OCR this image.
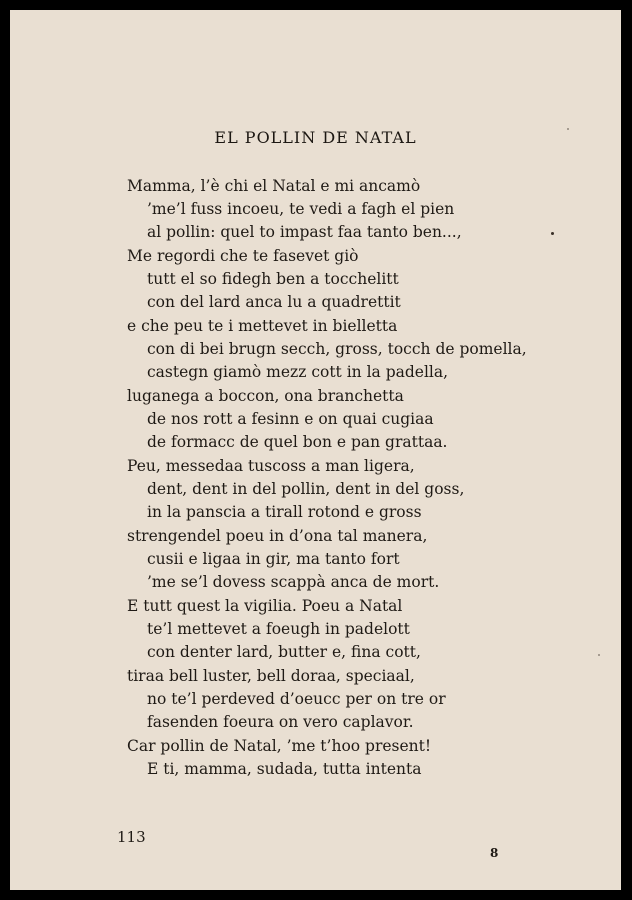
EL POLLIN DE NATAL
Mamma, l’è chi el Natal e mi ancamò
’me’l fuss incoeu, te vedi a fagh el pien
al pollin: quel to impast faa tanto ben...,
Me regordi che te fasevet giò
tutt el so fidegh ben a tocchelitt
con del lard anca lu a quadrettit
e che peu te i mettevet in bielletta
con di bei brugn secch, gross, tocch de pomella,
castegn giamò mezz cott in la padella,
luganega a boccon, ona branchetta
de nos rott a fesinn e on quai cugiaa
de formacc de quel bon e pan grattaa.
Peu, messedaa tuscoss a man ligera,
dent, dent in del pollin, dent in del goss,
in la panscia a tirall rotond e gross
strengendel poeu in d’ona tal manera,
cusii e ligaa in gir, ma tanto fort
’me se’l dovess scappà anca de mort.
E tutt quest la vigilia. Poeu a Natal
te’l mettevet a foeugh in padelott
con denter lard, butter e, fina cott,
tiraa bell luster, bell doraa, speciaal,
no te’l perdeved d’oeucc per on tre or
fasenden foeura on vero caplavor.
Car pollin de Natal, ’me t’hoo present!
E ti, mamma, sudada, tutta intenta
113
8
